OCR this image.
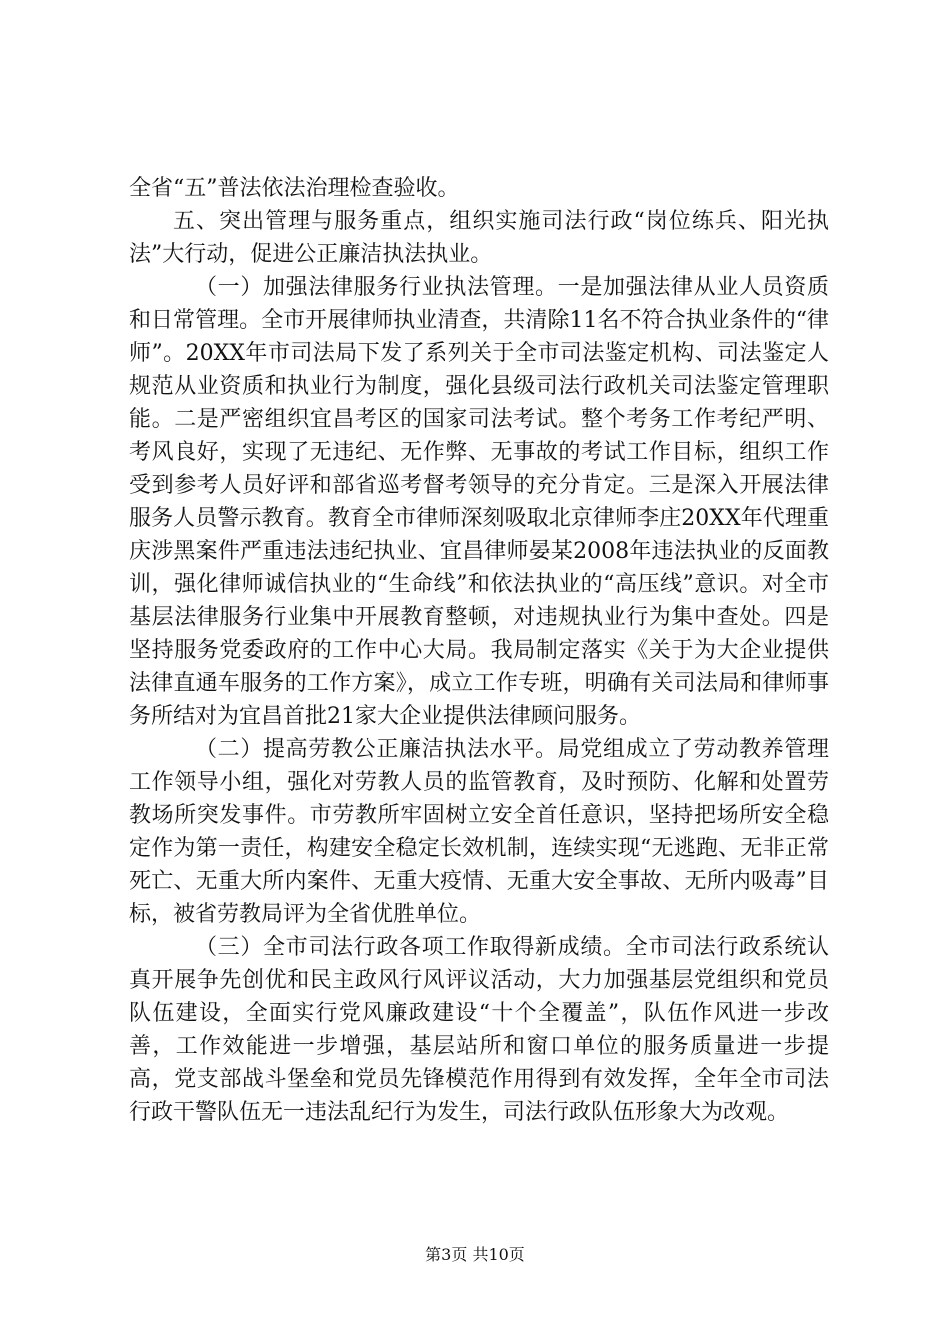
全省“五”普法依法治理检查验收。

五、突出管理与服务重点，组织实施司法行政“岗位练兵、阳光执法”大行动，促进公正廉洁执法执业。

（一）加强法律服务行业执法管理。一是加强法律从业人员资质和日常管理。全市开展律师执业清查，共清除11名不符合执业条件的“律师”。20XX年市司法局下发了系列关于全市司法鉴定机构、司法鉴定人规范从业资质和执业行为制度，强化县级司法行政机关司法鉴定管理职能。二是严密组织宜昌考区的国家司法考试。整个考务工作考纪严明、考风良好，实现了无违纪、无作弊、无事故的考试工作目标，组织工作受到参考人员好评和部省巡考督考领导的充分肯定。三是深入开展法律服务人员警示教育。教育全市律师深刻吸取北京律师李庄20XX年代理重庆涉黑案件严重违法违纪执业、宜昌律师晏某2008年违法执业的反面教训，强化律师诚信执业的“生命线”和依法执业的“高压线”意识。对全市基层法律服务行业集中开展教育整顿，对违规执业行为集中查处。四是坚持服务党委政府的工作中心大局。我局制定落实《关于为大企业提供法律直通车服务的工作方案》，成立工作专班，明确有关司法局和律师事务所结对为宜昌首批21家大企业提供法律顾问服务。

（二）提高劳教公正廉洁执法水平。局党组成立了劳动教养管理工作领导小组，强化对劳教人员的监管教育，及时预防、化解和处置劳教场所突发事件。市劳教所牢固树立安全首任意识，坚持把场所安全稳定作为第一责任，构建安全稳定长效机制，连续实现“无逃跑、无非正常死亡、无重大所内案件、无重大疫情、无重大安全事故、无所内吸毒”目标，被省劳教局评为全省优胜单位。

（三）全市司法行政各项工作取得新成绩。全市司法行政系统认真开展争先创优和民主政风行风评议活动，大力加强基层党组织和党员队伍建设，全面实行党风廉政建设“十个全覆盖”，队伍作风进一步改善，工作效能进一步增强，基层站所和窗口单位的服务质量进一步提高，党支部战斗堡垒和党员先锋模范作用得到有效发挥，全年全市司法行政干警队伍无一违法乱纪行为发生，司法行政队伍形象大为改观。

第3页 共10页
